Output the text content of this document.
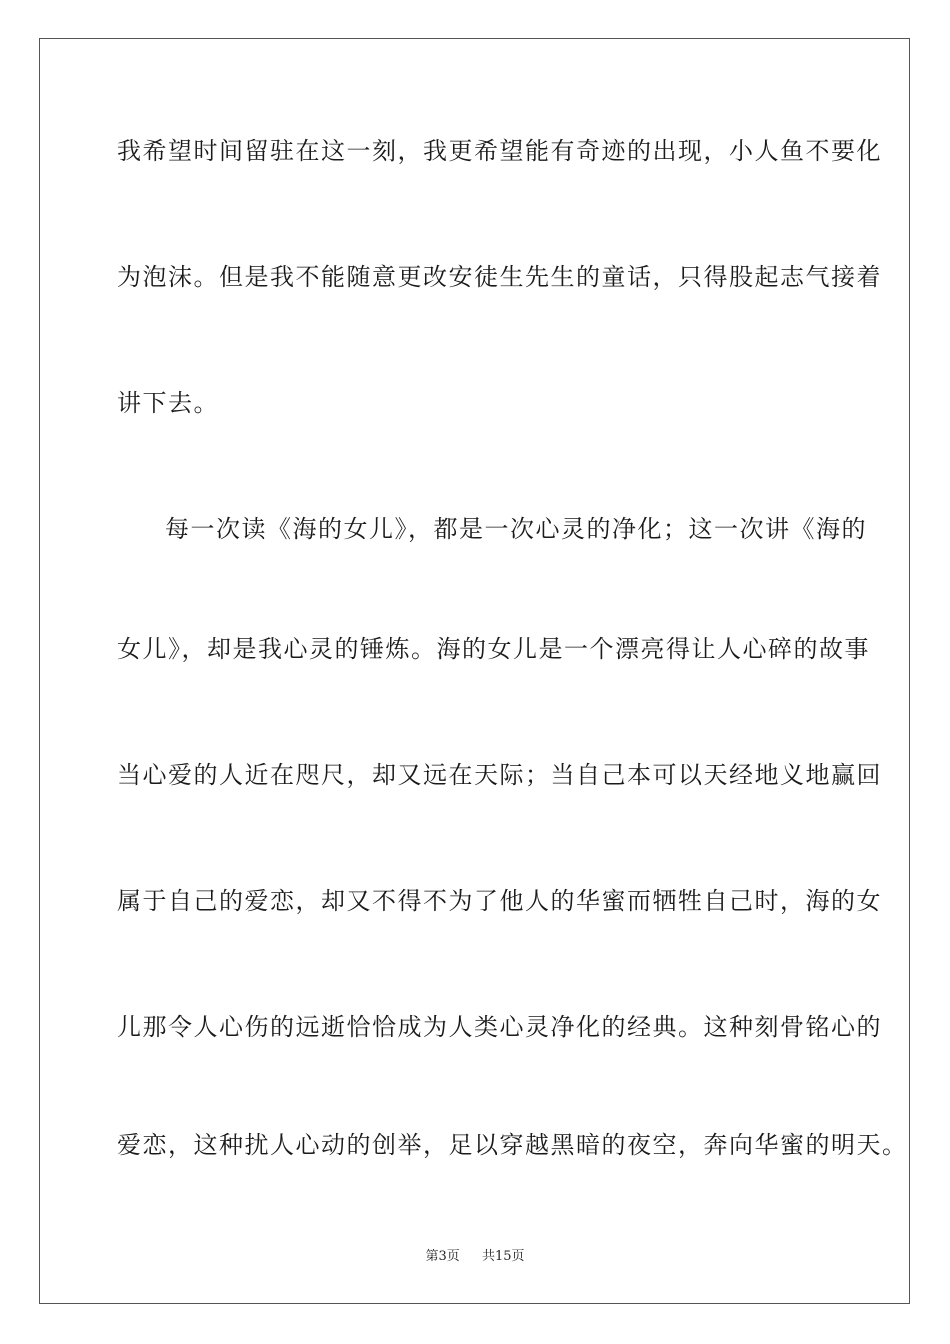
我希望时间留驻在这一刻，我更希望能有奇迹的出现，小人鱼不要化
为泡沫。但是我不能随意更改安徒生先生的童话，只得股起志气接着
讲下去。
每一次读《海的女儿》，都是一次心灵的净化；这一次讲《海的
女儿》，却是我心灵的锤炼。海的女儿是一个漂亮得让人心碎的故事
当心爱的人近在咫尺，却又远在天际；当自己本可以天经地义地赢回
属于自己的爱恋，却又不得不为了他人的华蜜而牺牲自己时，海的女
儿那令人心伤的远逝恰恰成为人类心灵净化的经典。这种刻骨铭心的
爱恋，这种扰人心动的创举，足以穿越黑暗的夜空，奔向华蜜的明天。
第3页 共15页
